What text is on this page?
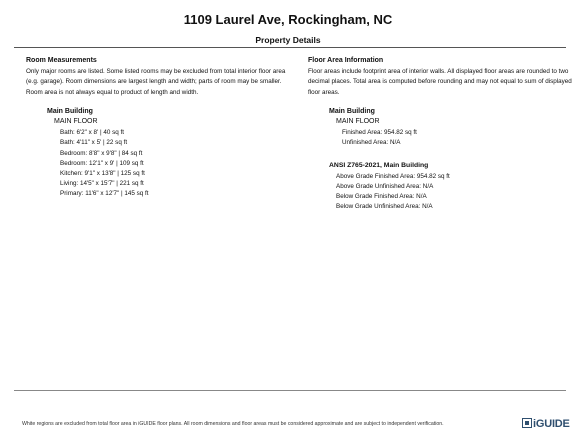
1109 Laurel Ave, Rockingham, NC
Property Details
Room Measurements
Only major rooms are listed. Some listed rooms may be excluded from total interior floor area
(e.g. garage). Room dimensions are largest length and width; parts of room may be smaller.
Room area is not always equal to product of length and width.
Main Building
MAIN FLOOR
Bath: 6'2" x 8' | 40 sq ft
Bath: 4'11" x 5' | 22 sq ft
Bedroom: 8'8" x 9'8" | 84 sq ft
Bedroom: 12'1" x 9' | 109 sq ft
Kitchen: 9'1" x 13'8" | 125 sq ft
Living: 14'5" x 15'7" | 221 sq ft
Primary: 11'6" x 12'7" | 145 sq ft
Floor Area Information
Floor areas include footprint area of interior walls. All displayed floor areas are rounded to two
decimal places. Total area is computed before rounding and may not equal to sum of displayed
floor areas.
Main Building
MAIN FLOOR
Finished Area: 954.82 sq ft
Unfinished Area: N/A
ANSI Z765-2021, Main Building
Above Grade Finished Area: 954.82 sq ft
Above Grade Unfinished Area: N/A
Below Grade Finished Area: N/A
Below Grade Unfinished Area: N/A
White regions are excluded from total floor area in iGUIDE floor plans. All room dimensions and floor areas must be considered approximate and are subject to independent verification.	iGUIDE
